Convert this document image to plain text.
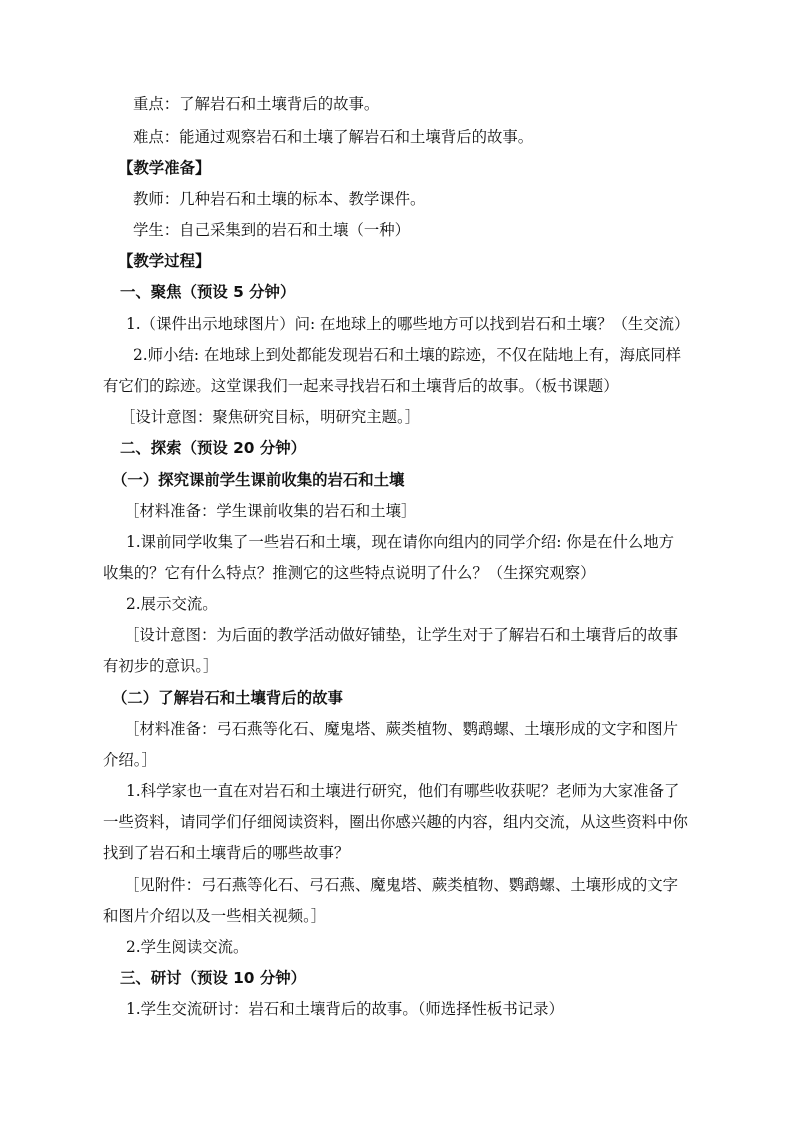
重点：了解岩石和土壤背后的故事。
难点：能通过观察岩石和土壤了解岩石和土壤背后的故事。
【教学准备】
教师：几种岩石和土壤的标本、教学课件。
学生：自己采集到的岩石和土壤（一种）
【教学过程】
一、聚焦（预设 5 分钟）
1.（课件出示地球图片）问: 在地球上的哪些地方可以找到岩石和土壤？（生交流）
2.师小结: 在地球上到处都能发现岩石和土壤的踪迹，不仅在陆地上有，海底同样
有它们的踪迹。这堂课我们一起来寻找岩石和土壤背后的故事。（板书课题）
［设计意图：聚焦研究目标，明研究主题。］
二、探索（预设 20 分钟）
（一）探究课前学生课前收集的岩石和土壤
［材料准备：学生课前收集的岩石和土壤］
1.课前同学收集了一些岩石和土壤，现在请你向组内的同学介绍: 你是在什么地方
收集的？它有什么特点？推测它的这些特点说明了什么？（生探究观察）
2.展示交流。
［设计意图：为后面的教学活动做好铺垫，让学生对于了解岩石和土壤背后的故事
有初步的意识。］
（二）了解岩石和土壤背后的故事
［材料准备：弓石燕等化石、魔鬼塔、蕨类植物、鹦鹉螺、土壤形成的文字和图片
介绍。］
1.科学家也一直在对岩石和土壤进行研究，他们有哪些收获呢？老师为大家准备了
一些资料，请同学们仔细阅读资料，圈出你感兴趣的内容，组内交流，从这些资料中你
找到了岩石和土壤背后的哪些故事？
［见附件：弓石燕等化石、弓石燕、魔鬼塔、蕨类植物、鹦鹉螺、土壤形成的文字
和图片介绍以及一些相关视频。］
2.学生阅读交流。
三、研讨（预设 10 分钟）
1.学生交流研讨：岩石和土壤背后的故事。（师选择性板书记录）
